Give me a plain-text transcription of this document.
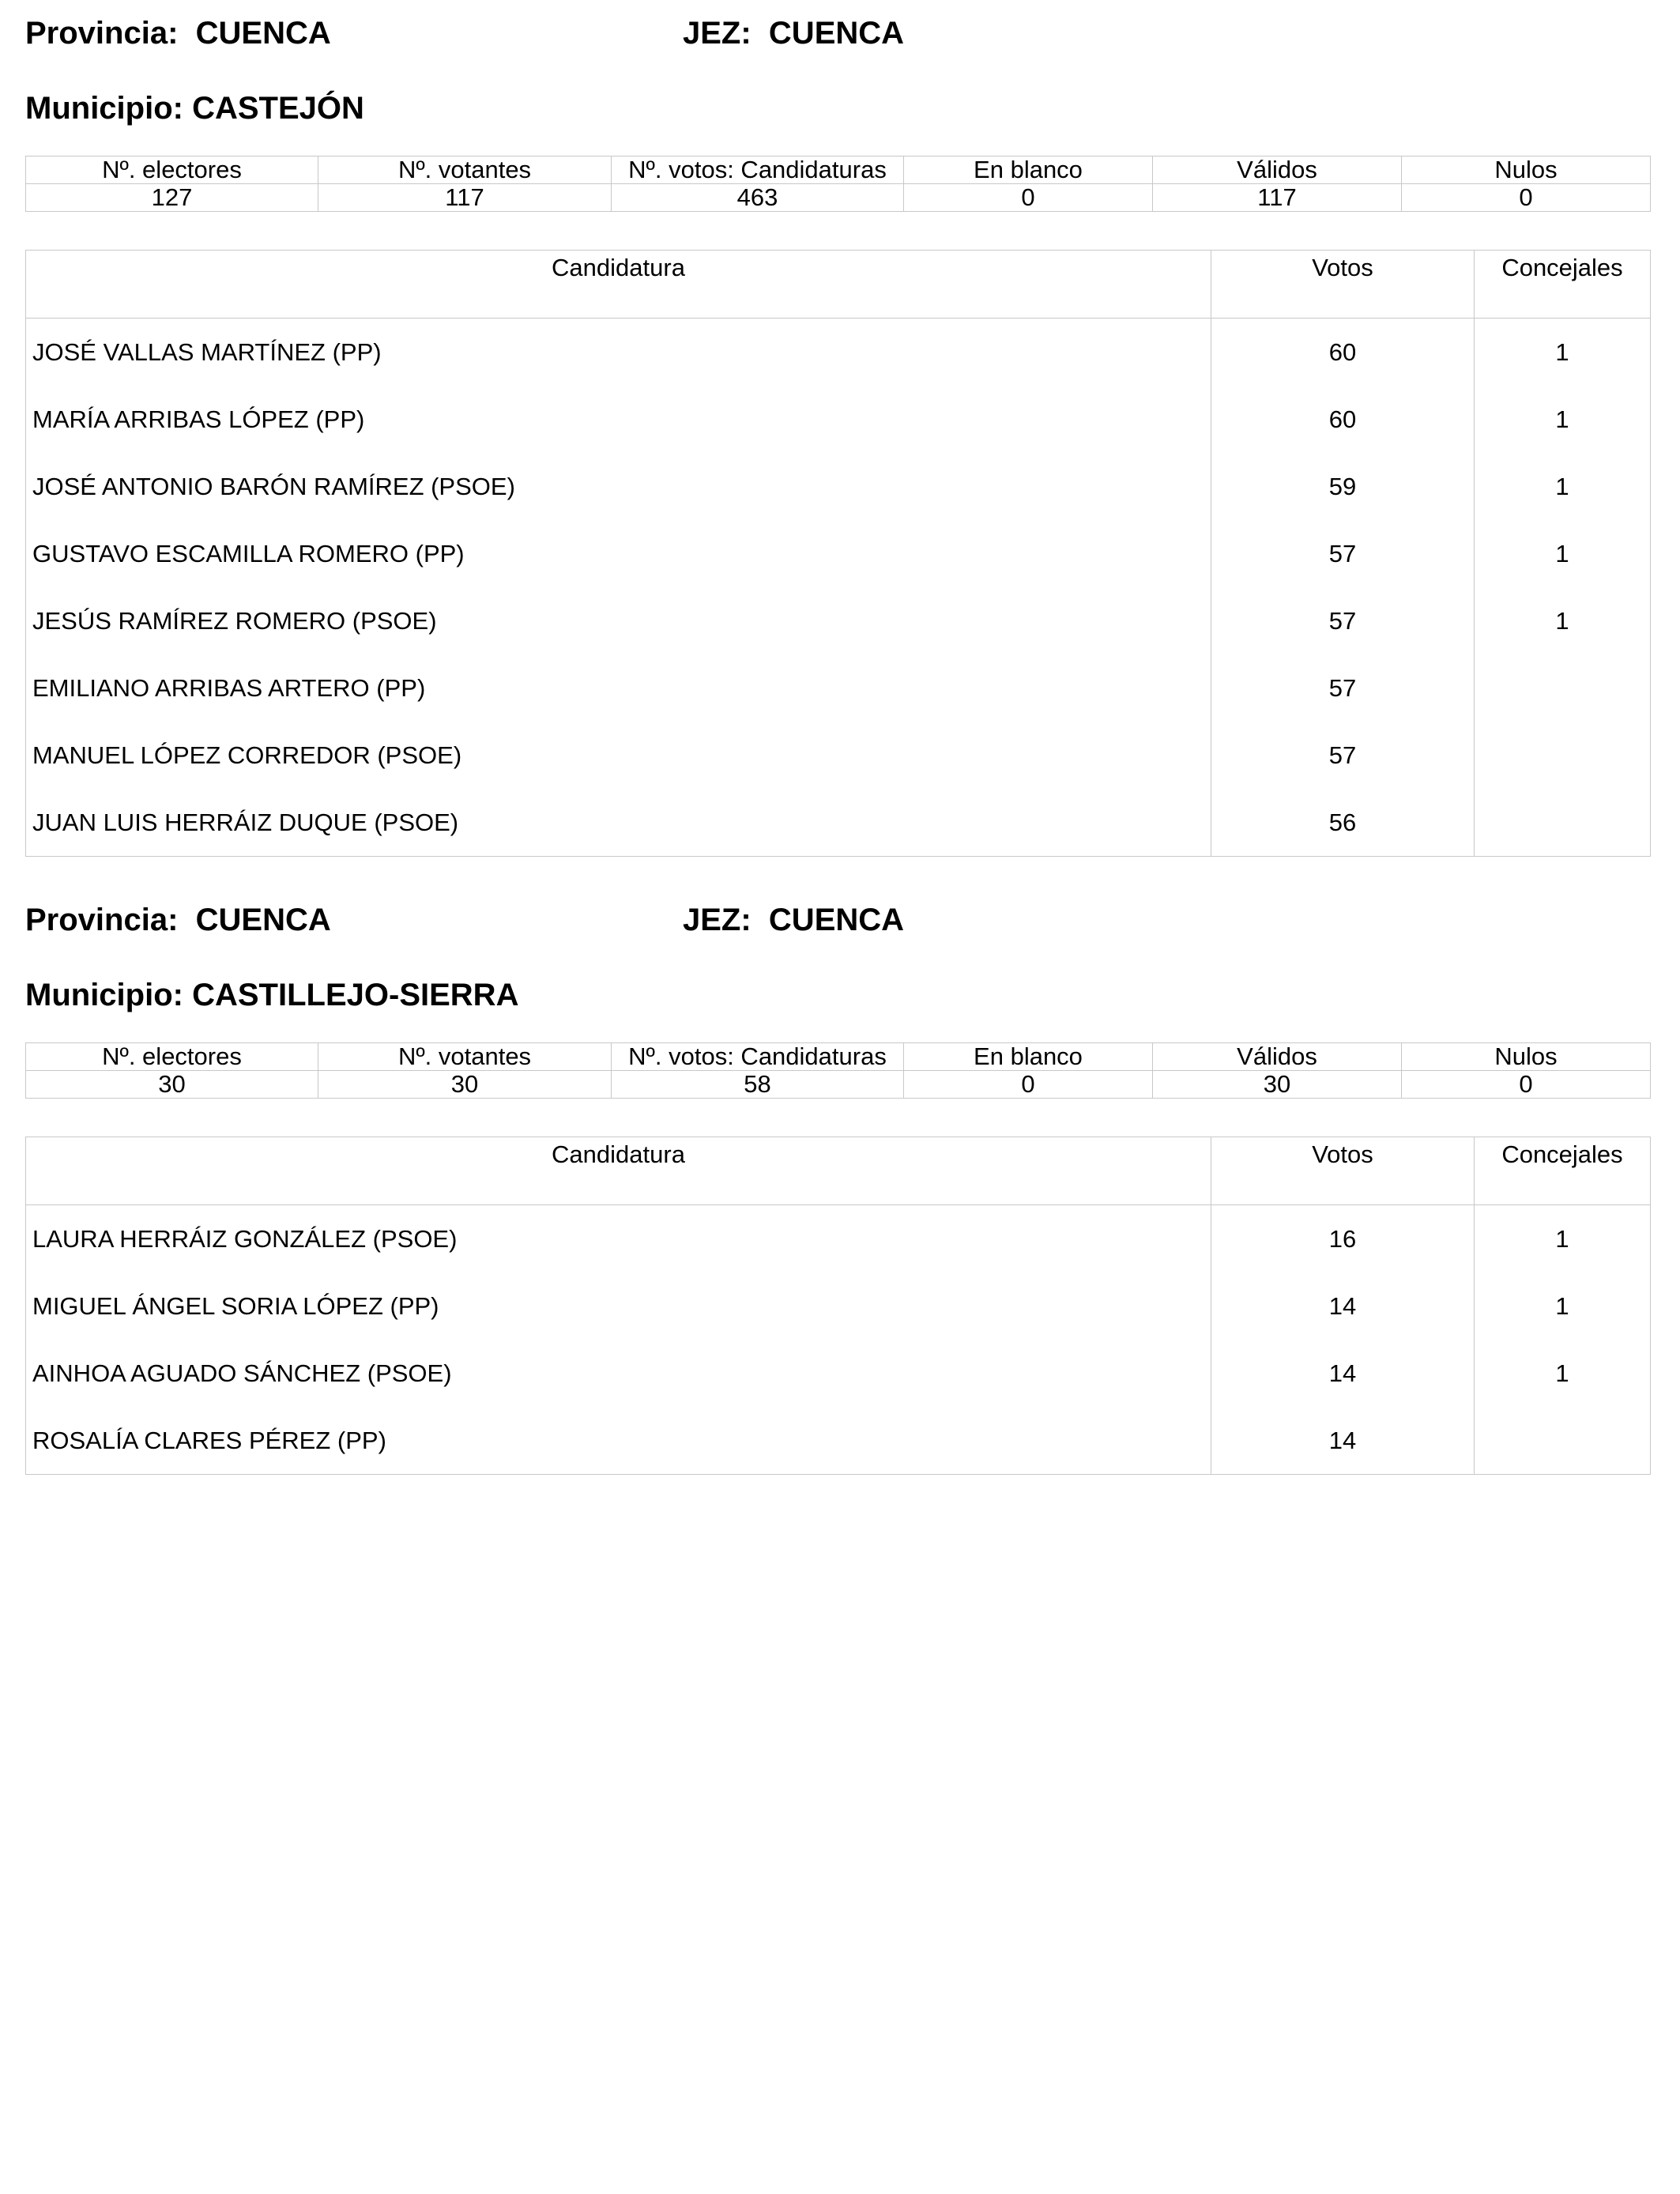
Provincia: CUENCA	JEZ: CUENCA
Municipio: CASTEJÓN
Nº. electores	Nº. votantes	Nº. votos: Candidaturas	En blanco	Válidos	Nulos
127	117	463	0	117	0
Candidatura	Votos	Concejales
JOSÉ VALLAS MARTÍNEZ (PP)	60	1
MARÍA ARRIBAS LÓPEZ (PP)	60	1
JOSÉ ANTONIO BARÓN RAMÍREZ (PSOE)	59	1
GUSTAVO ESCAMILLA ROMERO (PP)	57	1
JESÚS RAMÍREZ ROMERO (PSOE)	57	1
EMILIANO ARRIBAS ARTERO (PP)	57	
MANUEL LÓPEZ CORREDOR (PSOE)	57	
JUAN LUIS HERRÁIZ DUQUE (PSOE)	56	
Provincia: CUENCA	JEZ: CUENCA
Municipio: CASTILLEJO-SIERRA
Nº. electores	Nº. votantes	Nº. votos: Candidaturas	En blanco	Válidos	Nulos
30	30	58	0	30	0
Candidatura	Votos	Concejales
LAURA HERRÁIZ GONZÁLEZ (PSOE)	16	1
MIGUEL ÁNGEL SORIA LÓPEZ (PP)	14	1
AINHOA AGUADO SÁNCHEZ (PSOE)	14	1
ROSALÍA CLARES PÉREZ (PP)	14	
